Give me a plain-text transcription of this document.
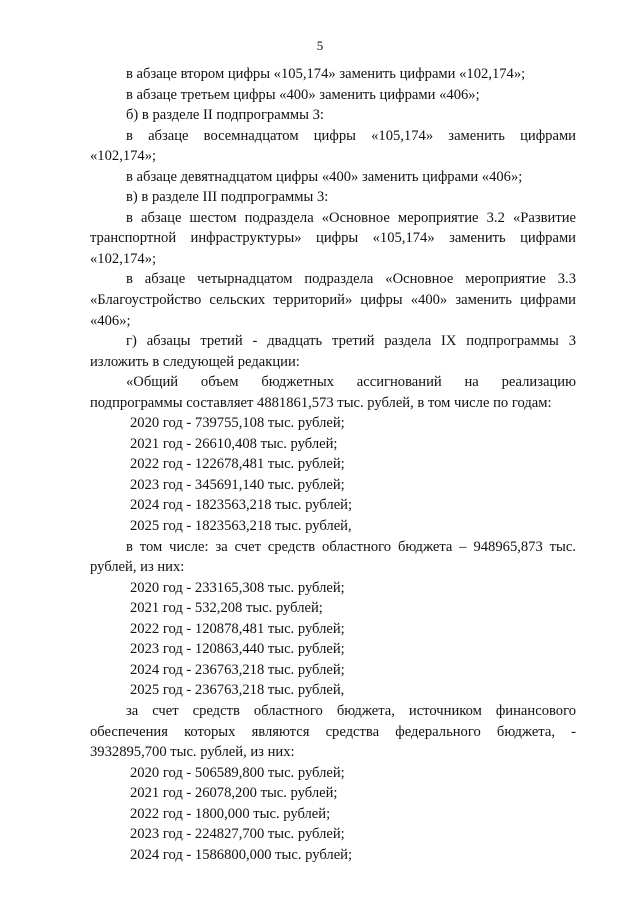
5

в абзаце втором цифры «105,174» заменить цифрами «102,174»;

в абзаце третьем цифры «400» заменить цифрами «406»;

б) в разделе II подпрограммы 3:

в абзаце восемнадцатом цифры «105,174» заменить цифрами «102,174»;

в абзаце девятнадцатом цифры «400» заменить цифрами «406»;

в) в разделе III подпрограммы 3:

в абзаце шестом подраздела «Основное мероприятие 3.2 «Развитие транспортной инфраструктуры» цифры «105,174» заменить цифрами «102,174»;

в абзаце четырнадцатом подраздела «Основное мероприятие 3.3 «Благоустройство сельских территорий» цифры «400» заменить цифрами «406»;

г) абзацы третий - двадцать третий раздела IX подпрограммы 3 изложить в следующей редакции:

«Общий объем бюджетных ассигнований на реализацию подпрограммы составляет 4881861,573 тыс. рублей, в том числе по годам:

2020 год - 739755,108 тыс. рублей;

2021 год - 26610,408 тыс. рублей;

2022 год - 122678,481 тыс. рублей;

2023 год - 345691,140 тыс. рублей;

2024 год - 1823563,218 тыс. рублей;

2025 год - 1823563,218 тыс. рублей,

в том числе: за счет средств областного бюджета – 948965,873 тыс. рублей, из них:

2020 год - 233165,308 тыс. рублей;

2021 год - 532,208 тыс. рублей;

2022 год - 120878,481 тыс. рублей;

2023 год - 120863,440 тыс. рублей;

2024 год - 236763,218 тыс. рублей;

2025 год - 236763,218 тыс. рублей,

за счет средств областного бюджета, источником финансового обеспечения которых являются средства федерального бюджета, - 3932895,700 тыс. рублей, из них:

2020 год - 506589,800 тыс. рублей;

2021 год - 26078,200 тыс. рублей;

2022 год - 1800,000 тыс. рублей;

2023 год - 224827,700 тыс. рублей;

2024 год - 1586800,000 тыс. рублей;
